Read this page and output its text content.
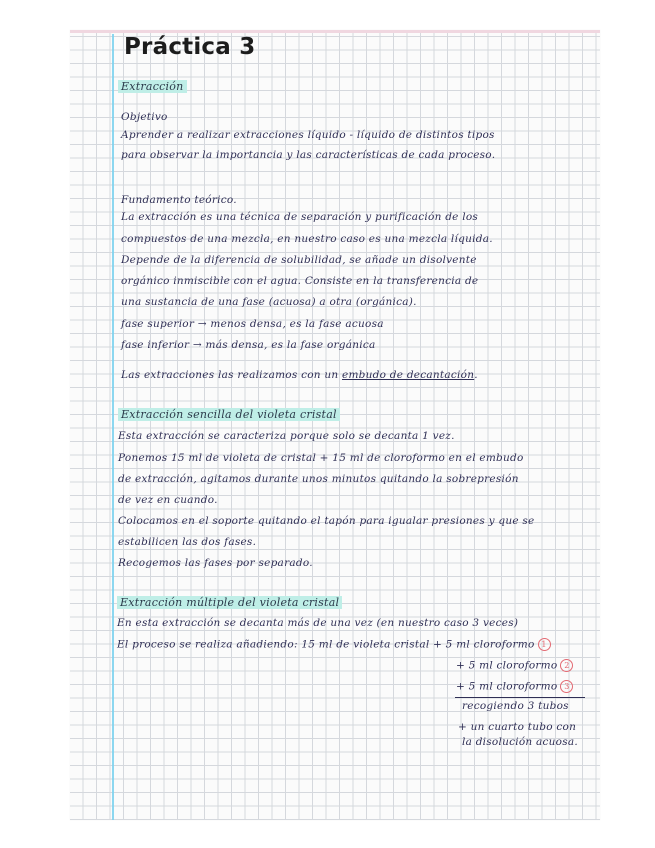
Práctica 3
Extracción
Objetivo
Aprender a realizar extracciones líquido - líquido de distintos tipos
para observar la importancia y las características de cada proceso.
Fundamento teórico.
La extracción es una técnica de separación y purificación de los
compuestos de una mezcla, en nuestro caso es una mezcla líquida.
Depende de la diferencia de solubilidad, se añade un disolvente
orgánico inmiscible con el agua. Consiste en la transferencia de
una sustancia de una fase (acuosa) a otra (orgánica).
fase superior → menos densa, es la fase acuosa
fase inferior → más densa, es la fase orgánica
Las extracciones las realizamos con un embudo de decantación.
Extracción sencilla del violeta cristal
Esta extracción se caracteriza porque solo se decanta 1 vez.
Ponemos 15 ml de violeta de cristal + 15 ml de cloroformo en el embudo
de extracción, agitamos durante unos minutos quitando la sobrepresión
de vez en cuando.
Colocamos en el soporte quitando el tapón para igualar presiones y que se
estabilicen las dos fases.
Recogemos las fases por separado.
Extracción múltiple del violeta cristal
En esta extracción se decanta más de una vez (en nuestro caso 3 veces)
El proceso se realiza añadiendo: 15 ml de violeta cristal + 5 ml cloroformo 1
+ 5 ml cloroformo 2
+ 5 ml cloroformo 3
recogiendo 3 tubos
+ un cuarto tubo con
la disolución acuosa.
